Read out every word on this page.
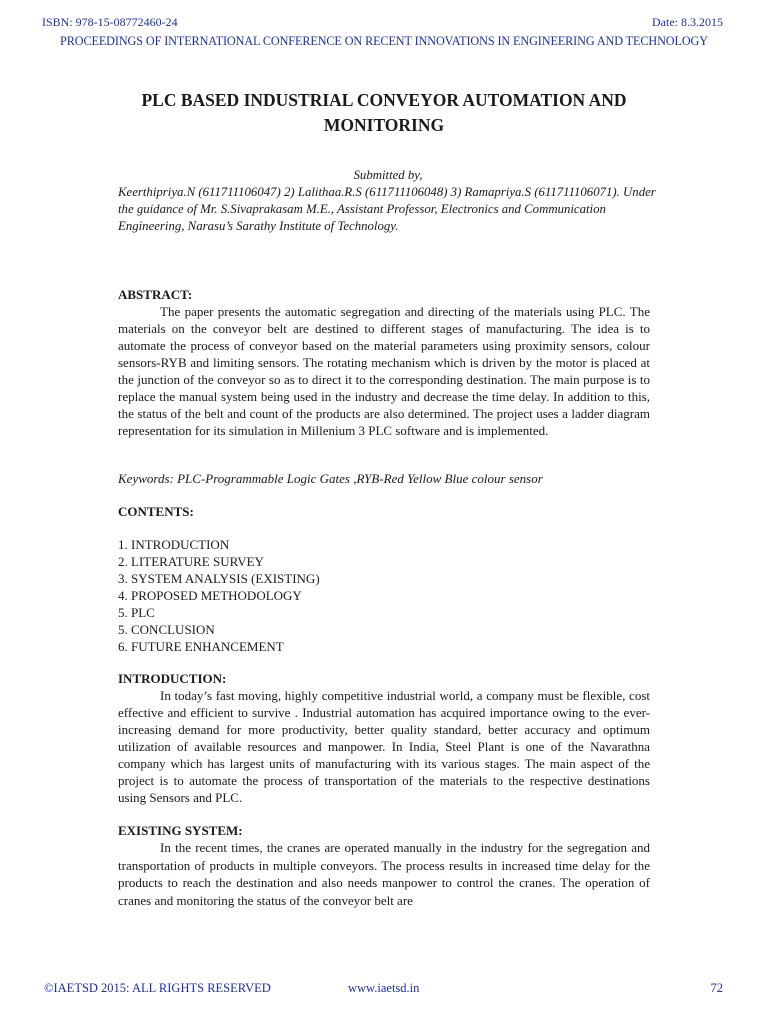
ISBN: 978-15-08772460-24	Date: 8.3.2015
PROCEEDINGS OF INTERNATIONAL CONFERENCE ON RECENT INNOVATIONS IN ENGINEERING AND TECHNOLOGY
PLC BASED INDUSTRIAL CONVEYOR AUTOMATION AND MONITORING
Submitted by,
Keerthipriya.N (611711106047) 2) Lalithaa.R.S (611711106048) 3) Ramapriya.S (611711106071). Under the guidance of Mr. S.Sivaprakasam M.E., Assistant Professor, Electronics and Communication Engineering, Narasu’s Sarathy Institute of Technology.
ABSTRACT:

The paper presents the automatic segregation and directing of the materials using PLC. The materials on the conveyor belt are destined to different stages of manufacturing. The idea is to automate the process of conveyor based on the material parameters using proximity sensors, colour sensors-RYB and limiting sensors. The rotating mechanism which is driven by the motor is placed at the junction of the conveyor so as to direct it to the corresponding destination. The main purpose is to replace the manual system being used in the industry and decrease the time delay. In addition to this, the status of the belt and count of the products are also determined. The project uses a ladder diagram representation for its simulation in Millenium 3 PLC software and is implemented.

Keywords: PLC-Programmable Logic Gates ,RYB-Red Yellow Blue colour sensor
CONTENTS:
1. INTRODUCTION
2. LITERATURE SURVEY
3. SYSTEM ANALYSIS (EXISTING)
4. PROPOSED METHODOLOGY
5. PLC
5. CONCLUSION
6. FUTURE ENHANCEMENT
INTRODUCTION:

In today’s fast moving, highly competitive industrial world, a company must be flexible, cost effective and efficient to survive . Industrial automation has acquired importance owing to the ever-increasing demand for more productivity, better quality standard, better accuracy and optimum utilization of available resources and manpower. In India, Steel Plant is one of the Navarathna company which has largest units of manufacturing with its various stages. The main aspect of the project is to automate the process of transportation of the materials to the respective destinations using Sensors and PLC.

EXISTING SYSTEM:

In the recent times, the cranes are operated manually in the industry for the segregation and transportation of products in multiple conveyors. The process results in increased time delay for the products to reach the destination and also needs manpower to control the cranes. The operation of cranes and monitoring the status of the conveyor belt are

©IAETSD 2015: ALL RIGHTS RESERVED	www.iaetsd.in	72
